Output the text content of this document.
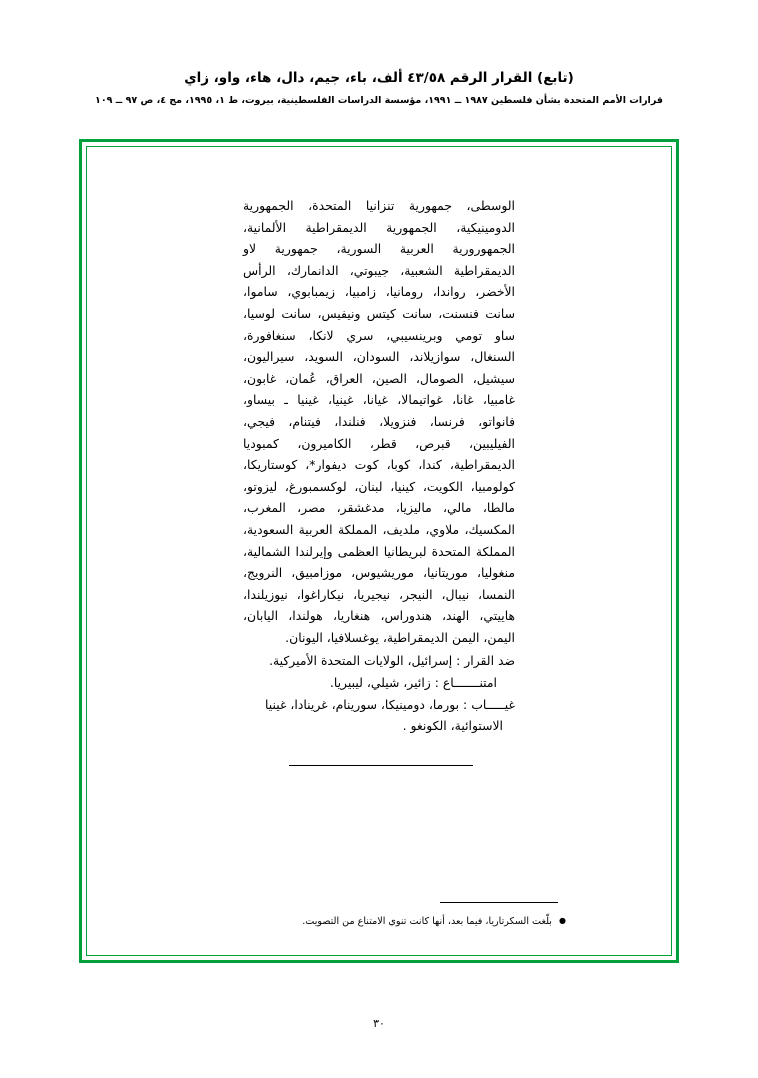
(تابع) القرار الرقم ٤٣/٥٨ ألف، باء، جيم، دال، هاء، واو، زاي
قرارات الأمم المتحدة بشأن فلسطين ١٩٨٧ ــ ١٩٩١، مؤسسة الدراسات الفلسطينية، بيروت، ط ١، ١٩٩٥، مج ٤، ص ٩٧ ــ ١٠٩

الوسطى، جمهورية تنزانيا المتحدة، الجمهورية الدومينيكية، الجمهورية الديمقراطية الألمانية، الجمهورورية العربية السورية، جمهورية لاو الديمقراطية الشعبية، جيبوتي، الدانمارك، الرأس الأخضر، رواندا، رومانيا، زامبيا، زيمبابوي، ساموا، سانت فنسنت، سانت كيتس ونيفيس، سانت لوسيا، ساو تومي وبرينسيبي، سري لانكا، سنغافورة، السنغال، سوازيلاند، السودان، السويد، سيراليون، سيشيل، الصومال، الصين، العراق، عُمان، غابون، غامبيا، غانا، غواتيمالا، غيانا، غينيا، غينيا ـ بيساو، فانواتو، فرنسا، فنزويلا، فنلندا، فيتنام، فيجي، الفيليبين، قبرص، قطر، الكاميرون، كمبوديا الديمقراطية، كندا، كوبا، كوت ديفوار*، كوستاريكا، كولومبيا، الكويت، كينيا، لبنان، لوكسمبورغ، ليزوتو، مالطا، مالي، ماليزيا، مدغشقر، مصر، المغرب، المكسيك، ملاوي، ملديف، المملكة العربية السعودية، المملكة المتحدة لبريطانيا العظمى وإيرلندا الشمالية، منغوليا، موريتانيا، موريشيوس، موزامبيق، النرويج، النمسا، نيبال، النيجر، نيجيريا، نيكاراغوا، نيوزيلندا، هاييتي، الهند، هندوراس، هنغاريا، هولندا، اليابان، اليمن، اليمن الديمقراطية، يوغسلافيا، اليونان.

ضد القرار : إسرائيل، الولايات المتحدة الأميركية.
امتنـــــــاع : زائير، شيلي، ليبيريا.
غيـــــاب : بورما، دومينيكا، سورينام، غرينادا، غينيا
الاستوائية، الكونغو .
● بلّغت السكرتاريا، فيما بعد، أنها كانت تنوي الامتناع من التصويت.
٣٠
